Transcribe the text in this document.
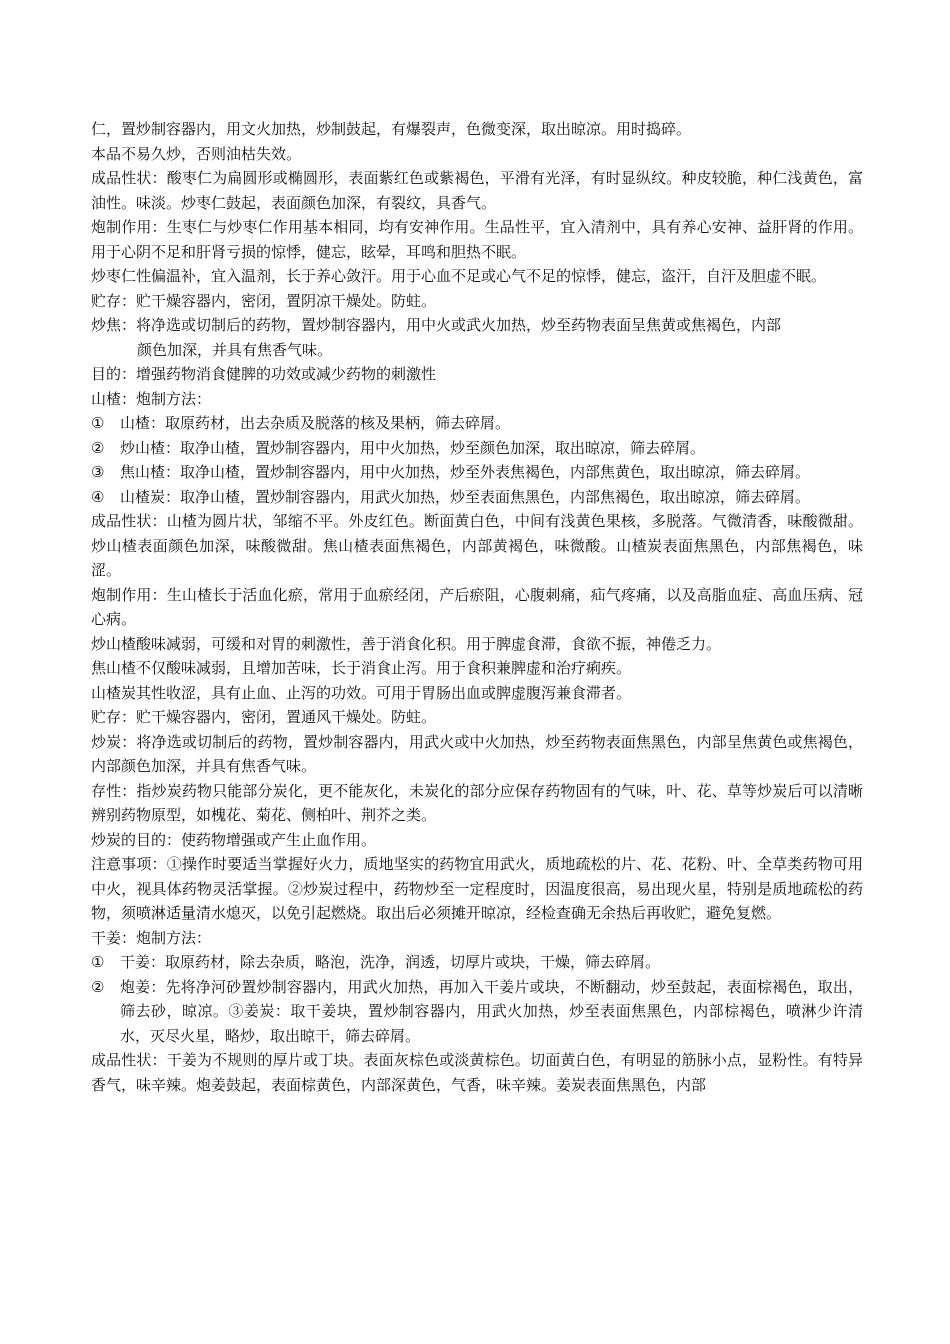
仁，置炒制容器内，用文火加热，炒制鼓起，有爆裂声，色微变深，取出晾凉。用时捣碎。

本品不易久炒，否则油枯失效。

成品性状：酸枣仁为扁圆形或椭圆形，表面紫红色或紫褐色，平滑有光泽，有时显纵纹。种皮较脆，种仁浅黄色，富油性。味淡。炒枣仁鼓起，表面颜色加深，有裂纹，具香气。

炮制作用：生枣仁与炒枣仁作用基本相同，均有安神作用。生品性平，宜入清剂中，具有养心安神、益肝肾的作用。用于心阴不足和肝肾亏损的惊悸，健忘，眩晕，耳鸣和胆热不眠。

炒枣仁性偏温补，宜入温剂，长于养心敛汗。用于心血不足或心气不足的惊悸，健忘，盗汗，自汗及胆虚不眠。

贮存：贮干燥容器内，密闭，置阴凉干燥处。防蛀。

炒焦：将净选或切制后的药物，置炒制容器内，用中火或武火加热，炒至药物表面呈焦黄或焦褐色，内部

颜色加深，并具有焦香气味。

目的：增强药物消食健脾的功效或减少药物的刺激性

山楂：炮制方法：

①	山楂：取原药材，出去杂质及脱落的核及果柄，筛去碎屑。
②	炒山楂：取净山楂，置炒制容器内，用中火加热，炒至颜色加深，取出晾凉，筛去碎屑。
③	焦山楂：取净山楂，置炒制容器内，用中火加热，炒至外表焦褐色，内部焦黄色，取出晾凉，筛去碎屑。
④	山楂炭：取净山楂，置炒制容器内，用武火加热，炒至表面焦黑色，内部焦褐色，取出晾凉，筛去碎屑。

成品性状：山楂为圆片状，邹缩不平。外皮红色。断面黄白色，中间有浅黄色果核，多脱落。气微清香，味酸微甜。炒山楂表面颜色加深，味酸微甜。焦山楂表面焦褐色，内部黄褐色，味微酸。山楂炭表面焦黑色，内部焦褐色，味涩。

炮制作用：生山楂长于活血化瘀，常用于血瘀经闭，产后瘀阻，心腹刺痛，疝气疼痛，以及高脂血症、高血压病、冠心病。

炒山楂酸味减弱，可缓和对胃的刺激性，善于消食化积。用于脾虚食滞，食欲不振，神倦乏力。

焦山楂不仅酸味减弱，且增加苦味，长于消食止泻。用于食积兼脾虚和治疗痢疾。

山楂炭其性收涩，具有止血、止泻的功效。可用于胃肠出血或脾虚腹泻兼食滞者。

贮存：贮干燥容器内，密闭，置通风干燥处。防蛀。

炒炭：将净选或切制后的药物，置炒制容器内，用武火或中火加热，炒至药物表面焦黑色，内部呈焦黄色或焦褐色，内部颜色加深，并具有焦香气味。

存性：指炒炭药物只能部分炭化，更不能灰化，未炭化的部分应保存药物固有的气味，叶、花、草等炒炭后可以清晰辨别药物原型，如槐花、菊花、侧柏叶、荆芥之类。

炒炭的目的：使药物增强或产生止血作用。

注意事项：①操作时要适当掌握好火力，质地坚实的药物宜用武火，质地疏松的片、花、花粉、叶、全草类药物可用中火，视具体药物灵活掌握。②炒炭过程中，药物炒至一定程度时，因温度很高，易出现火星，特别是质地疏松的药物，须喷淋适量清水熄灭，以免引起燃烧。取出后必须摊开晾凉，经检查确无余热后再收贮，避免复燃。

干姜：炮制方法：

①	干姜：取原药材，除去杂质，略泡，洗净，润透，切厚片或块，干燥，筛去碎屑。
②	炮姜：先将净河砂置炒制容器内，用武火加热，再加入干姜片或块，不断翻动，炒至鼓起，表面棕褐色，取出，筛去砂，晾凉。③姜炭：取干姜块，置炒制容器内，用武火加热，炒至表面焦黑色，内部棕褐色，喷淋少许清水，灭尽火星，略炒，取出晾干，筛去碎屑。

成品性状：干姜为不规则的厚片或丁块。表面灰棕色或淡黄棕色。切面黄白色，有明显的筋脉小点，显粉性。有特异香气，味辛辣。炮姜鼓起，表面棕黄色，内部深黄色，气香，味辛辣。姜炭表面焦黑色，内部
